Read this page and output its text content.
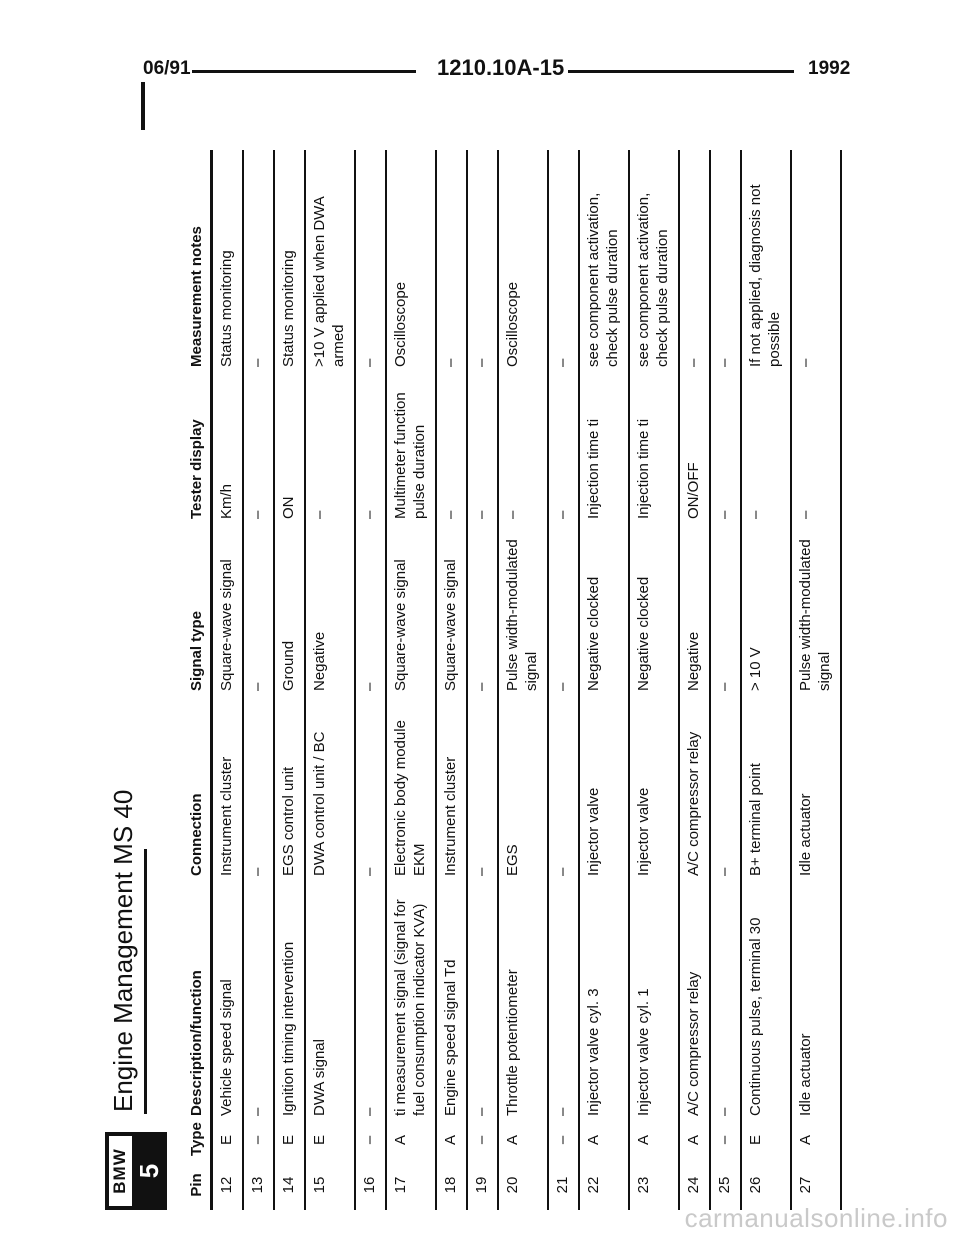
06/91	1210.10A-15	1992
BMW 5
Engine Management MS 40
Pin	Type	Description/function	Connection	Signal type	Tester display	Measurement notes
12	E	Vehicle speed signal	Instrument cluster	Square-wave signal	Km/h	Status monitoring
13	–	–	–	–	–	–
14	E	Ignition timing intervention	EGS control unit	Ground	ON	Status monitoring
15	E	DWA signal	DWA control unit / BC	Negative	–	>10 V applied when DWA armed
16	–	–	–	–	–	–
17	A	ti measurement signal (signal for fuel consumption indicator KVA)	Electronic body module EKM	Square-wave signal	Multimeter function pulse duration	Oscilloscope
18	A	Engine speed signal Td	Instrument cluster	Square-wave signal	–	–
19	–	–	–	–	–	–
20	A	Throttle potentiometer	EGS	Pulse width-modulated signal	–	Oscilloscope
21	–	–	–	–	–	–
22	A	Injector valve cyl. 3	Injector valve	Negative clocked	Injection time ti	see component activation, check pulse duration
23	A	Injector valve cyl. 1	Injector valve	Negative clocked	Injection time ti	see component activation, check pulse duration
24	A	A/C compressor relay	A/C compressor relay	Negative	ON/OFF	–
25	–	–	–	–	–	–
26	E	Continuous pulse, terminal 30	B+ terminal point	> 10 V	–	If not applied, diagnosis not possible
27	A	Idle actuator	Idle actuator	Pulse width-modulated signal	–	–
carmanualsonline.info
